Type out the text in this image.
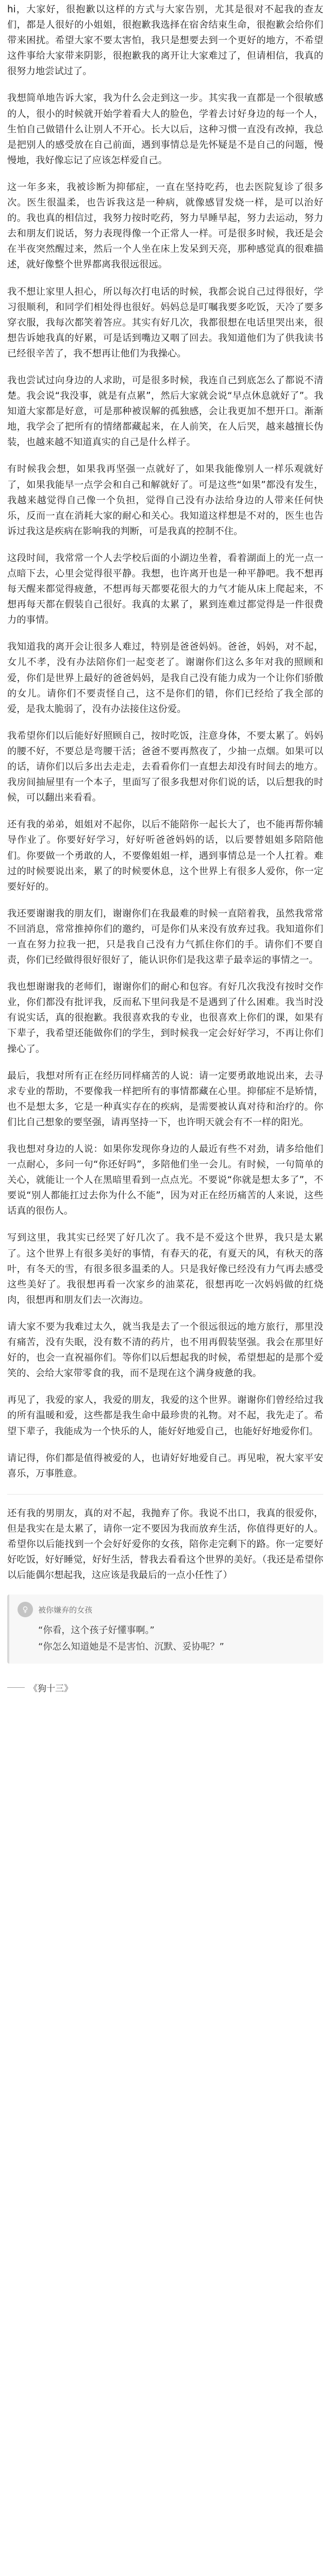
hi，大家好，很抱歉以这样的方式与大家告别，尤其是很对不起我的查友们，都是人很好的小姐姐，很抱歉我选择在宿舍结束生命，很抱歉会给你们带来困扰。希望大家不要太害怕，我只是想要去到一个更好的地方，不希望这件事给大家带来阴影，很抱歉我的离开让大家难过了，但请相信，我真的很努力地尝试过了。

我想简单地告诉大家，我为什么会走到这一步。其实我一直都是一个很敏感的人，很小的时候就开始学着看大人的脸色，学着去讨好身边的每一个人，生怕自己做错什么让别人不开心。长大以后，这种习惯一直没有改掉，我总是把别人的感受放在自己前面，遇到事情总是先怀疑是不是自己的问题，慢慢地，我好像忘记了应该怎样爱自己。

这一年多来，我被诊断为抑郁症，一直在坚持吃药，也去医院复诊了很多次。医生很温柔，也告诉我这是一种病，就像感冒发烧一样，是可以治好的。我也真的相信过，我努力按时吃药，努力早睡早起，努力去运动，努力去和朋友们说话，努力表现得像一个正常人一样。可是很多时候，我还是会在半夜突然醒过来，然后一个人坐在床上发呆到天亮，那种感觉真的很难描述，就好像整个世界都离我很远很远。

我不想让家里人担心，所以每次打电话的时候，我都会说自己过得很好，学习很顺利，和同学们相处得也很好。妈妈总是叮嘱我要多吃饭，天冷了要多穿衣服，我每次都笑着答应。其实有好几次，我都很想在电话里哭出来，很想告诉她我真的好累，可是话到嘴边又咽了回去。我知道他们为了供我读书已经很辛苦了，我不想再让他们为我操心。

我也尝试过向身边的人求助，可是很多时候，我连自己到底怎么了都说不清楚。我会说“我没事，就是有点累”，然后大家就会说“早点休息就好了”。我知道大家都是好意，可是那种被误解的孤独感，会让我更加不想开口。渐渐地，我学会了把所有的情绪都藏起来，在人前笑，在人后哭，越来越擅长伪装，也越来越不知道真实的自己是什么样子。

有时候我会想，如果我再坚强一点就好了，如果我能像别人一样乐观就好了，如果我能早一点学会和自己和解就好了。可是这些“如果”都没有发生，我越来越觉得自己像一个负担，觉得自己没有办法给身边的人带来任何快乐，反而一直在消耗大家的耐心和关心。我知道这样想是不对的，医生也告诉过我这是疾病在影响我的判断，可是我真的控制不住。

这段时间，我常常一个人去学校后面的小湖边坐着，看着湖面上的光一点一点暗下去，心里会觉得很平静。我想，也许离开也是一种平静吧。我不想再每天醒来都觉得疲惫，不想再每天都要花很大的力气才能从床上爬起来，不想再每天都在假装自己很好。我真的太累了，累到连难过都觉得是一件很费力的事情。

我知道我的离开会让很多人难过，特别是爸爸妈妈。爸爸，妈妈，对不起，女儿不孝，没有办法陪你们一起变老了。谢谢你们这么多年对我的照顾和爱，你们是世界上最好的爸爸妈妈，是我自己没有能力成为一个让你们骄傲的女儿。请你们不要责怪自己，这不是你们的错，你们已经给了我全部的爱，是我太脆弱了，没有办法接住这份爱。

我希望你们以后能好好照顾自己，按时吃饭，注意身体，不要太累了。妈妈的腰不好，不要总是弯腰干活；爸爸不要再熬夜了，少抽一点烟。如果可以的话，请你们以后多出去走走，去看看你们一直想去却没有时间去的地方。我房间抽屉里有一个本子，里面写了很多我想对你们说的话，以后想我的时候，可以翻出来看看。

还有我的弟弟，姐姐对不起你，以后不能陪你一起长大了，也不能再帮你辅导作业了。你要好好学习，好好听爸爸妈妈的话，以后要替姐姐多陪陪他们。你要做一个勇敢的人，不要像姐姐一样，遇到事情总是一个人扛着。难过的时候要说出来，累了的时候要休息，这个世界上有很多人爱你，你一定要好好的。

我还要谢谢我的朋友们，谢谢你们在我最难的时候一直陪着我，虽然我常常不回消息，常常推掉你们的邀约，可是你们从来没有放弃过我。我知道你们一直在努力拉我一把，只是我自己没有力气抓住你们的手。请你们不要自责，你们已经做得很好很好了，能认识你们是我这辈子最幸运的事情之一。

我也想谢谢我的老师们，谢谢你们的耐心和包容。有好几次我没有按时交作业，你们都没有批评我，反而私下里问我是不是遇到了什么困难。我当时没有说实话，真的很抱歉。我很喜欢我的专业，也很喜欢上你们的课，如果有下辈子，我希望还能做你们的学生，到时候我一定会好好学习，不再让你们操心了。

最后，我想对所有正在经历同样痛苦的人说：请一定要勇敢地说出来，去寻求专业的帮助，不要像我一样把所有的事情都藏在心里。抑郁症不是矫情，也不是想太多，它是一种真实存在的疾病，是需要被认真对待和治疗的。你们比自己想象的要坚强，请再坚持一下，也许明天就会有不一样的阳光。

我也想对身边的人说：如果你发现你身边的人最近有些不对劲，请多给他们一点耐心，多问一句“你还好吗”，多陪他们坐一会儿。有时候，一句简单的关心，就能让一个人在黑暗里看到一点点光。不要说“你就是想太多了”，不要说“别人都能扛过去你为什么不能”，因为对正在经历痛苦的人来说，这些话真的很伤人。

写到这里，我其实已经哭了好几次了。我不是不爱这个世界，我只是太累了。这个世界上有很多美好的事情，有春天的花，有夏天的风，有秋天的落叶，有冬天的雪，有很多很多温柔的人。只是我好像已经没有力气再去感受这些美好了。我很想再看一次家乡的油菜花，很想再吃一次妈妈做的红烧肉，很想再和朋友们去一次海边。

请大家不要为我难过太久，就当我是去了一个很远很远的地方旅行，那里没有痛苦，没有失眠，没有数不清的药片，也不用再假装坚强。我会在那里好好的，也会一直祝福你们。等你们以后想起我的时候，希望想起的是那个爱笑的、会给大家带零食的我，而不是现在这个满身疲惫的我。

再见了，我爱的家人，我爱的朋友，我爱的这个世界。谢谢你们曾经给过我的所有温暖和爱，这些都是我生命中最珍贵的礼物。对不起，我先走了。希望下辈子，我能成为一个快乐的人，能好好地爱自己，也能好好地爱你们。

请记得，你们都是值得被爱的人，也请好好地爱自己。再见啦，祝大家平安喜乐，万事胜意。

还有我的男朋友，真的对不起，我抛弃了你。我说不出口，我真的很爱你，但是我实在是太累了，请你一定不要因为我而放弃生活，你值得更好的人。希望你以后能找到一个会好好爱你的女孩，陪你走完剩下的路。你一定要好好吃饭，好好睡觉，好好生活，替我去看看这个世界的美好。（我还是希望你以后能偶尔想起我，这应该是我最后的一点小任性了）

♀ 被你嫌弃的女孩
“你看，这个孩子好懂事啊。”
“你怎么知道她是不是害怕、沉默、妥协呢？”
《狗十三》
